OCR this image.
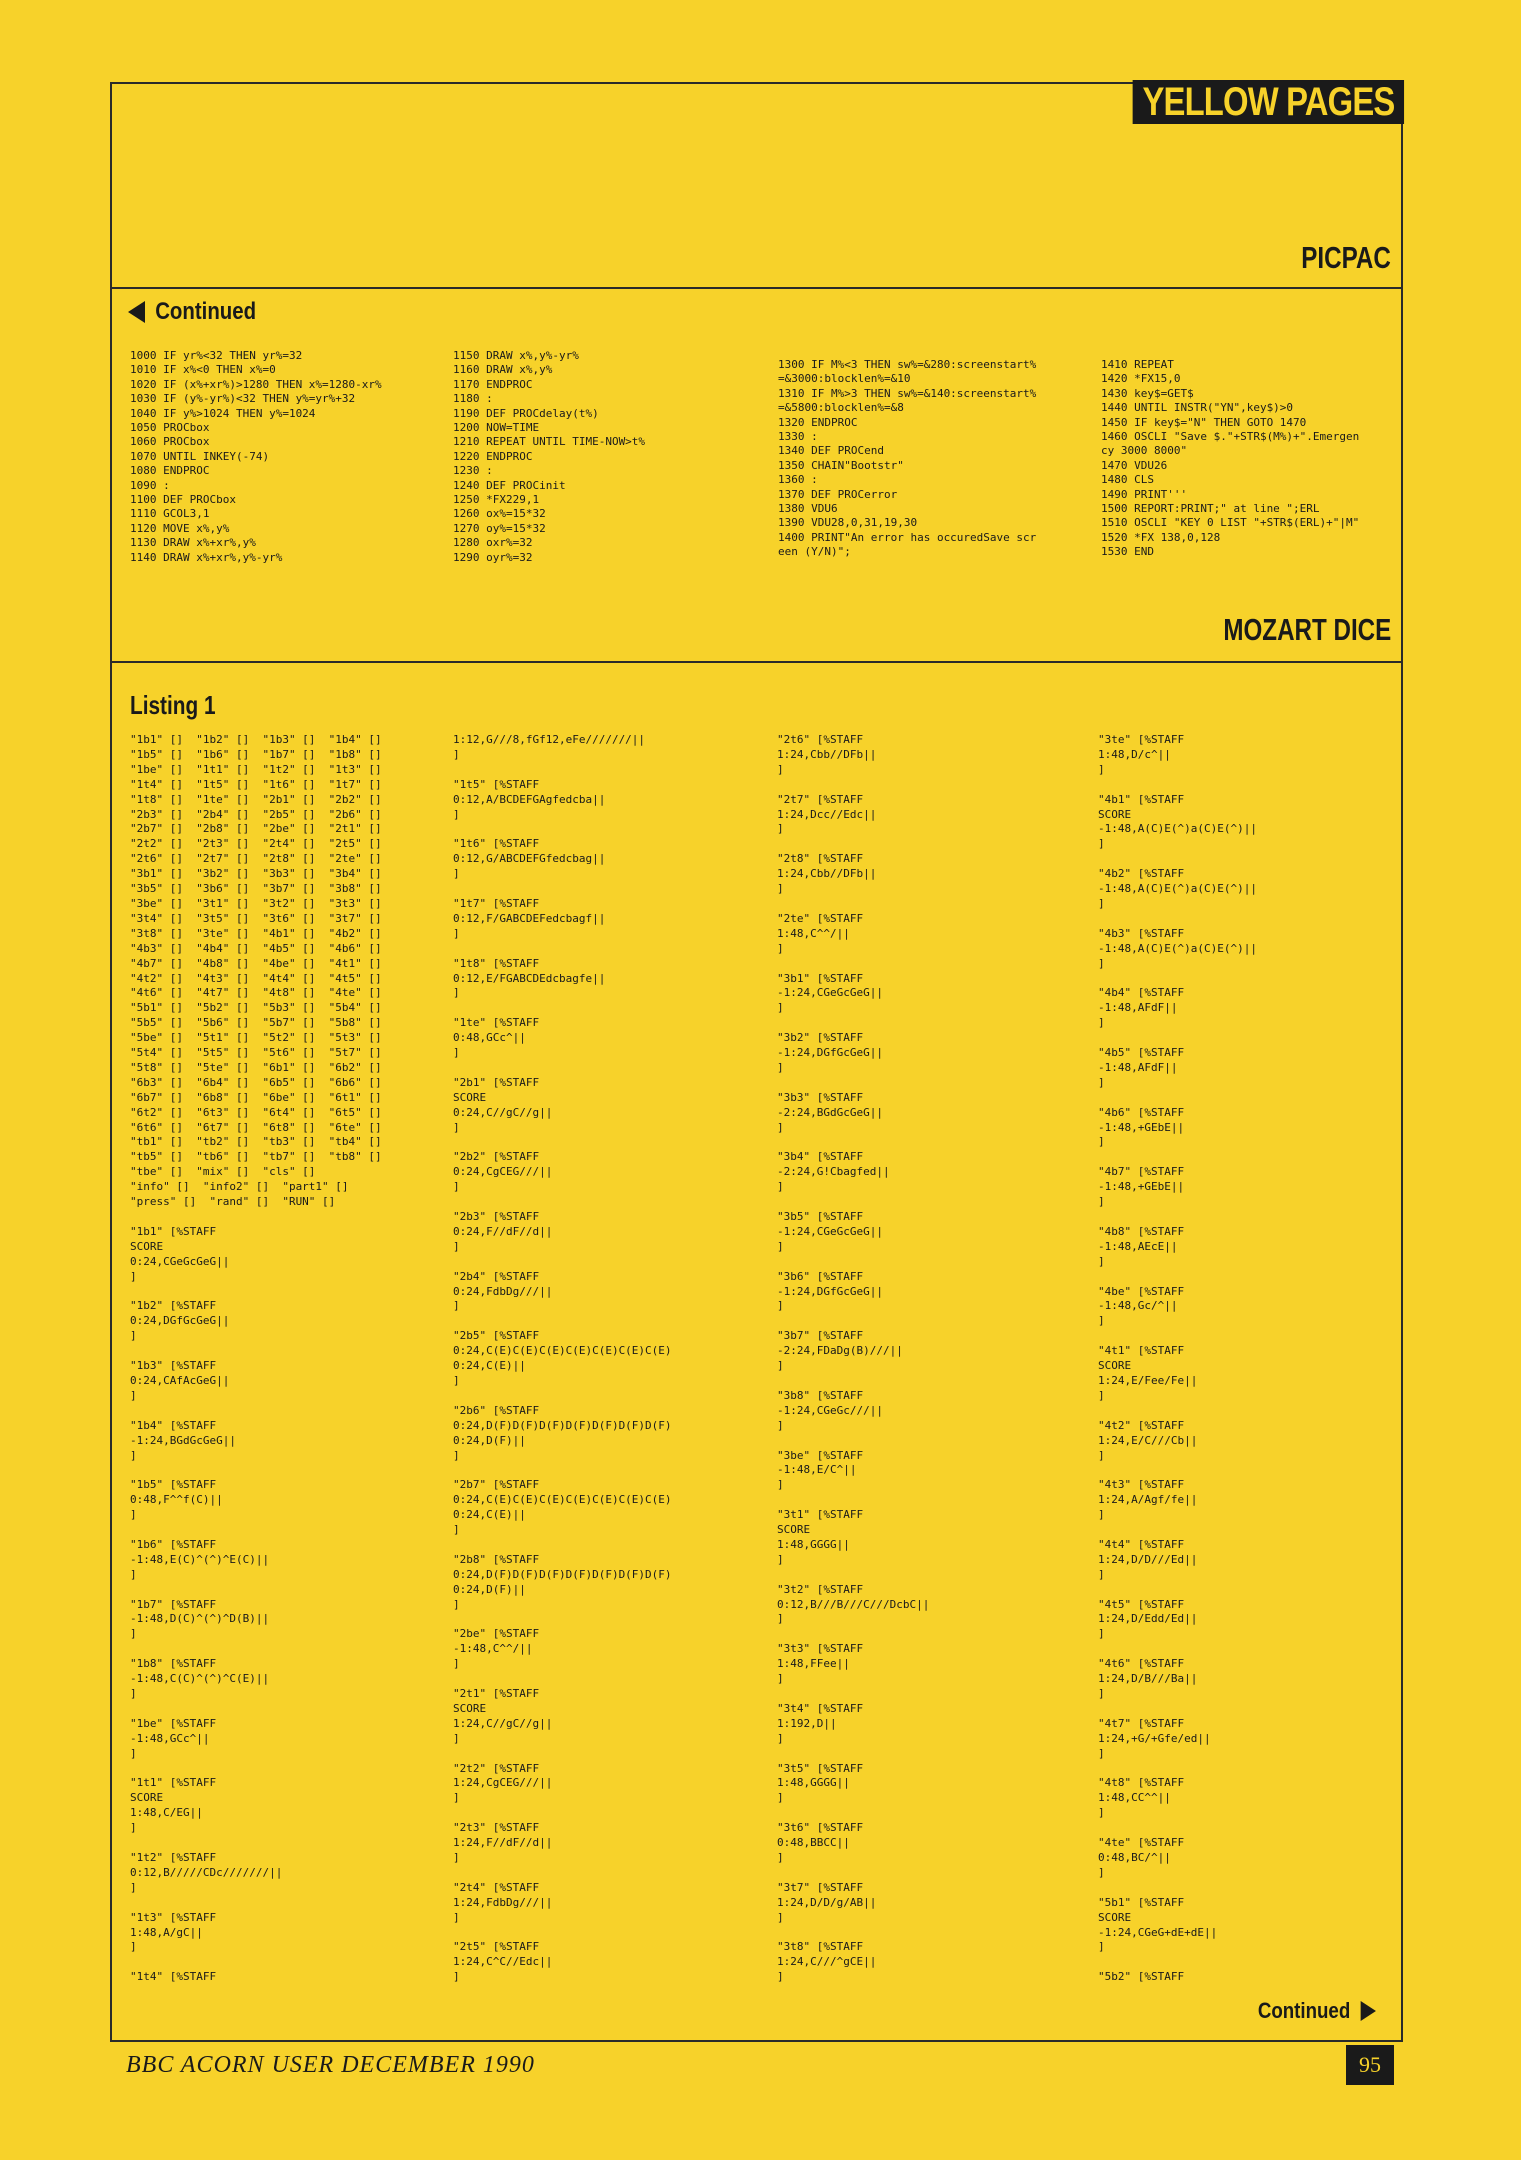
YELLOW PAGES
PICPAC
Continued
1000 IF yr%<32 THEN yr%=32
1010 IF x%<0 THEN x%=0
1020 IF (x%+xr%)>1280 THEN x%=1280-xr%
1030 IF (y%-yr%)<32 THEN y%=yr%+32
1040 IF y%>1024 THEN y%=1024
1050 PROCbox
1060 PROCbox
1070 UNTIL INKEY(-74)
1080 ENDPROC
1090 :
1100 DEF PROCbox
1110 GCOL3,1
1120 MOVE x%,y%
1130 DRAW x%+xr%,y%
1140 DRAW x%+xr%,y%-yr%
1150 DRAW x%,y%-yr%
1160 DRAW x%,y%
1170 ENDPROC
1180 :
1190 DEF PROCdelay(t%)
1200 NOW=TIME
1210 REPEAT UNTIL TIME-NOW>t%
1220 ENDPROC
1230 :
1240 DEF PROCinit
1250 *FX229,1
1260 ox%=15*32
1270 oy%=15*32
1280 oxr%=32
1290 oyr%=32
1300 IF M%<3 THEN sw%=&280:screenstart%
=&3000:blocklen%=&10
1310 IF M%>3 THEN sw%=&140:screenstart%
=&5800:blocklen%=&8
1320 ENDPROC
1330 :
1340 DEF PROCend
1350 CHAIN"Bootstr"
1360 :
1370 DEF PROCerror
1380 VDU6
1390 VDU28,0,31,19,30
1400 PRINT"An error has occuredSave scr
een (Y/N)";
1410 REPEAT
1420 *FX15,0
1430 key$=GET$
1440 UNTIL INSTR("YN",key$)>0
1450 IF key$="N" THEN GOTO 1470
1460 OSCLI "Save $."+STR$(M%)+".Emergen
cy 3000 8000"
1470 VDU26
1480 CLS
1490 PRINT'''
1500 REPORT:PRINT;" at line ";ERL
1510 OSCLI "KEY 0 LIST "+STR$(ERL)+"|M"
1520 *FX 138,0,128
1530 END
MOZART DICE
Listing 1
"1b1" []  "1b2" []  "1b3" []  "1b4" []
"1b5" []  "1b6" []  "1b7" []  "1b8" []
"1be" []  "1t1" []  "1t2" []  "1t3" []
"1t4" []  "1t5" []  "1t6" []  "1t7" []
"1t8" []  "1te" []  "2b1" []  "2b2" []
"2b3" []  "2b4" []  "2b5" []  "2b6" []
"2b7" []  "2b8" []  "2be" []  "2t1" []
"2t2" []  "2t3" []  "2t4" []  "2t5" []
"2t6" []  "2t7" []  "2t8" []  "2te" []
"3b1" []  "3b2" []  "3b3" []  "3b4" []
"3b5" []  "3b6" []  "3b7" []  "3b8" []
"3be" []  "3t1" []  "3t2" []  "3t3" []
"3t4" []  "3t5" []  "3t6" []  "3t7" []
"3t8" []  "3te" []  "4b1" []  "4b2" []
"4b3" []  "4b4" []  "4b5" []  "4b6" []
"4b7" []  "4b8" []  "4be" []  "4t1" []
"4t2" []  "4t3" []  "4t4" []  "4t5" []
"4t6" []  "4t7" []  "4t8" []  "4te" []
"5b1" []  "5b2" []  "5b3" []  "5b4" []
"5b5" []  "5b6" []  "5b7" []  "5b8" []
"5be" []  "5t1" []  "5t2" []  "5t3" []
"5t4" []  "5t5" []  "5t6" []  "5t7" []
"5t8" []  "5te" []  "6b1" []  "6b2" []
"6b3" []  "6b4" []  "6b5" []  "6b6" []
"6b7" []  "6b8" []  "6be" []  "6t1" []
"6t2" []  "6t3" []  "6t4" []  "6t5" []
"6t6" []  "6t7" []  "6t8" []  "6te" []
"tb1" []  "tb2" []  "tb3" []  "tb4" []
"tb5" []  "tb6" []  "tb7" []  "tb8" []
"tbe" []  "mix" []  "cls" []
"info" []  "info2" []  "part1" []
"press" []  "rand" []  "RUN" []

"1b1" [%STAFF
SCORE
0:24,CGeGcGeG||
]

"1b2" [%STAFF
0:24,DGfGcGeG||
]

"1b3" [%STAFF
0:24,CAfAcGeG||
]

"1b4" [%STAFF
-1:24,BGdGcGeG||
]

"1b5" [%STAFF
0:48,F^^f(C)||
]

"1b6" [%STAFF
-1:48,E(C)^(^)^E(C)||
]

"1b7" [%STAFF
-1:48,D(C)^(^)^D(B)||
]

"1b8" [%STAFF
-1:48,C(C)^(^)^C(E)||
]

"1be" [%STAFF
-1:48,GCc^||
]

"1t1" [%STAFF
SCORE
1:48,C/EG||
]

"1t2" [%STAFF
0:12,B/////CDc///////||
]

"1t3" [%STAFF
1:48,A/gC||
]

"1t4" [%STAFF
1:12,G///8,fGf12,eFe///////||
]

"1t5" [%STAFF
0:12,A/BCDEFGAgfedcba||
]

"1t6" [%STAFF
0:12,G/ABCDEFGfedcbag||
]

"1t7" [%STAFF
0:12,F/GABCDEFedcbagf||
]

"1t8" [%STAFF
0:12,E/FGABCDEdcbagfe||
]

"1te" [%STAFF
0:48,GCc^||
]

"2b1" [%STAFF
SCORE
0:24,C//gC//g||
]

"2b2" [%STAFF
0:24,CgCEG///||
]

"2b3" [%STAFF
0:24,F//dF//d||
]

"2b4" [%STAFF
0:24,FdbDg///||
]

"2b5" [%STAFF
0:24,C(E)C(E)C(E)C(E)C(E)C(E)C(E)
0:24,C(E)||
]

"2b6" [%STAFF
0:24,D(F)D(F)D(F)D(F)D(F)D(F)D(F)
0:24,D(F)||
]

"2b7" [%STAFF
0:24,C(E)C(E)C(E)C(E)C(E)C(E)C(E)
0:24,C(E)||
]

"2b8" [%STAFF
0:24,D(F)D(F)D(F)D(F)D(F)D(F)D(F)
0:24,D(F)||
]

"2be" [%STAFF
-1:48,C^^/||
]

"2t1" [%STAFF
SCORE
1:24,C//gC//g||
]

"2t2" [%STAFF
1:24,CgCEG///||
]

"2t3" [%STAFF
1:24,F//dF//d||
]

"2t4" [%STAFF
1:24,FdbDg///||
]

"2t5" [%STAFF
1:24,C^C//Edc||
]
"2t6" [%STAFF
1:24,Cbb//DFb||
]

"2t7" [%STAFF
1:24,Dcc//Edc||
]

"2t8" [%STAFF
1:24,Cbb//DFb||
]

"2te" [%STAFF
1:48,C^^/||
]

"3b1" [%STAFF
-1:24,CGeGcGeG||
]

"3b2" [%STAFF
-1:24,DGfGcGeG||
]

"3b3" [%STAFF
-2:24,BGdGcGeG||
]

"3b4" [%STAFF
-2:24,G!Cbagfed||
]

"3b5" [%STAFF
-1:24,CGeGcGeG||
]

"3b6" [%STAFF
-1:24,DGfGcGeG||
]

"3b7" [%STAFF
-2:24,FDaDg(B)///||
]

"3b8" [%STAFF
-1:24,CGeGc///||
]

"3be" [%STAFF
-1:48,E/C^||
]

"3t1" [%STAFF
SCORE
1:48,GGGG||
]

"3t2" [%STAFF
0:12,B///B///C///DcbC||
]

"3t3" [%STAFF
1:48,FFee||
]

"3t4" [%STAFF
1:192,D||
]

"3t5" [%STAFF
1:48,GGGG||
]

"3t6" [%STAFF
0:48,BBCC||
]

"3t7" [%STAFF
1:24,D/D/g/AB||
]

"3t8" [%STAFF
1:24,C///^gCE||
]
"3te" [%STAFF
1:48,D/c^||
]

"4b1" [%STAFF
SCORE
-1:48,A(C)E(^)a(C)E(^)||
]

"4b2" [%STAFF
-1:48,A(C)E(^)a(C)E(^)||
]

"4b3" [%STAFF
-1:48,A(C)E(^)a(C)E(^)||
]

"4b4" [%STAFF
-1:48,AFdF||
]

"4b5" [%STAFF
-1:48,AFdF||
]

"4b6" [%STAFF
-1:48,+GEbE||
]

"4b7" [%STAFF
-1:48,+GEbE||
]

"4b8" [%STAFF
-1:48,AEcE||
]

"4be" [%STAFF
-1:48,Gc/^||
]

"4t1" [%STAFF
SCORE
1:24,E/Fee/Fe||
]

"4t2" [%STAFF
1:24,E/C///Cb||
]

"4t3" [%STAFF
1:24,A/Agf/fe||
]

"4t4" [%STAFF
1:24,D/D///Ed||
]

"4t5" [%STAFF
1:24,D/Edd/Ed||
]

"4t6" [%STAFF
1:24,D/B///Ba||
]

"4t7" [%STAFF
1:24,+G/+Gfe/ed||
]

"4t8" [%STAFF
1:48,CC^^||
]

"4te" [%STAFF
0:48,BC/^||
]

"5b1" [%STAFF
SCORE
-1:24,CGeG+dE+dE||
]

"5b2" [%STAFF
Continued
BBC ACORN USER DECEMBER 1990	95
